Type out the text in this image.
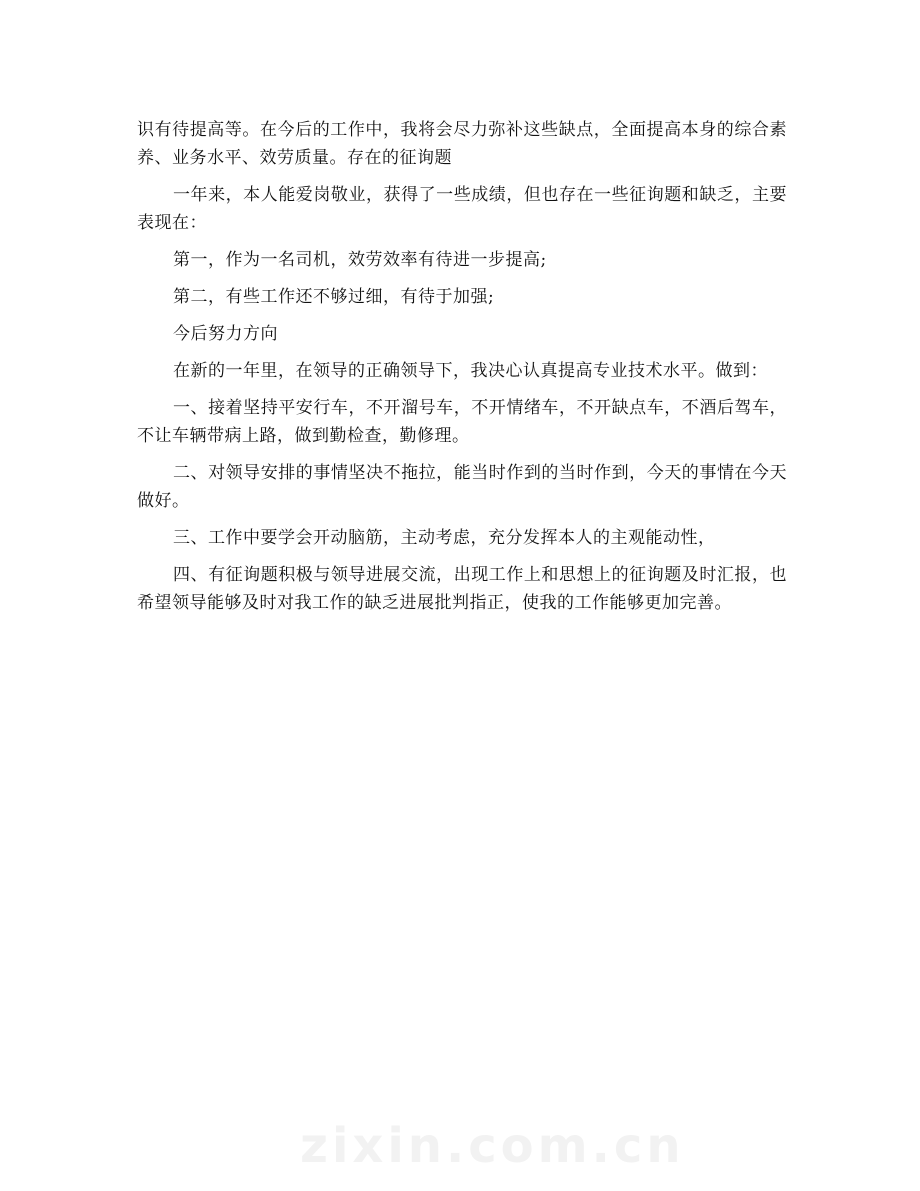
识有待提高等。在今后的工作中，我将会尽力弥补这些缺点，全面提高本身的综合素养、业务水平、效劳质量。存在的征询题

一年来，本人能爱岗敬业，获得了一些成绩，但也存在一些征询题和缺乏，主要表现在：

第一，作为一名司机，效劳效率有待进一步提高;

第二，有些工作还不够过细，有待于加强;

今后努力方向

在新的一年里，在领导的正确领导下，我决心认真提高专业技术水平。做到：

一、接着坚持平安行车，不开溜号车，不开情绪车，不开缺点车，不酒后驾车，不让车辆带病上路，做到勤检查，勤修理。

二、对领导安排的事情坚决不拖拉，能当时作到的当时作到，今天的事情在今天做好。

三、工作中要学会开动脑筋，主动考虑，充分发挥本人的主观能动性，

四、有征询题积极与领导进展交流，出现工作上和思想上的征询题及时汇报，也希望领导能够及时对我工作的缺乏进展批判指正，使我的工作能够更加完善。

zixin.com.cn
